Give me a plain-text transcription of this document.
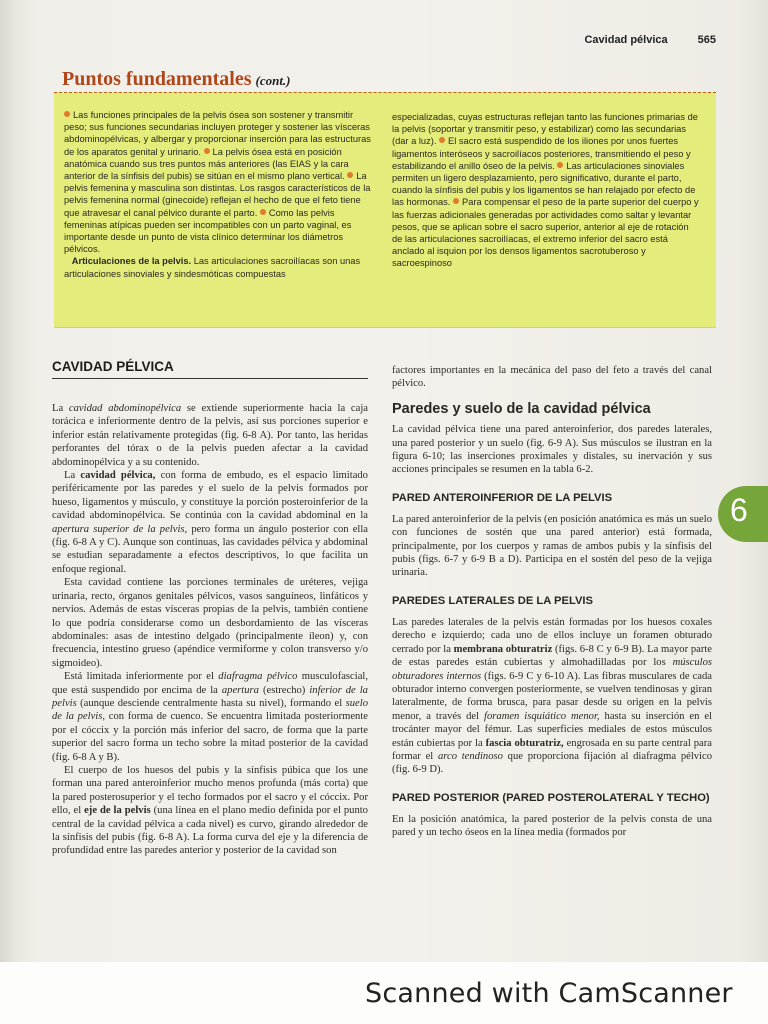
Cavidad pélvica	565
Puntos fundamentales (cont.)
Las funciones principales de la pelvis ósea son sostener y transmitir peso; sus funciones secundarias incluyen proteger y sostener las vísceras abdominopélvicas, y albergar y proporcionar inserción para las estructuras de los aparatos genital y urinario. La pelvis ósea está en posición anatómica cuando sus tres puntos más anteriores (las EIAS y la cara anterior de la sínfisis del pubis) se sitúan en el mismo plano vertical. La pelvis femenina y masculina son distintas. Los rasgos característicos de la pelvis femenina normal (ginecoide) reflejan el hecho de que el feto tiene que atravesar el canal pélvico durante el parto. Como las pelvis femeninas atípicas pueden ser incompatibles con un parto vaginal, es importante desde un punto de vista clínico determinar los diámetros pélvicos.
Articulaciones de la pelvis. Las articulaciones sacroilíacas son unas articulaciones sinoviales y sindesmóticas compuestas
especializadas, cuyas estructuras reflejan tanto las funciones primarias de la pelvis (soportar y transmitir peso, y estabilizar) como las secundarias (dar a luz). El sacro está suspendido de los iliones por unos fuertes ligamentos interóseos y sacroilíacos posteriores, transmitiendo el peso y estabilizando el anillo óseo de la pelvis. Las articulaciones sinoviales permiten un ligero desplazamiento, pero significativo, durante el parto, cuando la sínfisis del pubis y los ligamentos se han relajado por efecto de las hormonas. Para compensar el peso de la parte superior del cuerpo y las fuerzas adicionales generadas por actividades como saltar y levantar pesos, que se aplican sobre el sacro superior, anterior al eje de rotación de las articulaciones sacroilíacas, el extremo inferior del sacro está anclado al isquion por los densos ligamentos sacrotuberoso y sacroespinoso
CAVIDAD PÉLVICA

La cavidad abdominopélvica se extiende superiormente hacia la caja torácica e inferiormente dentro de la pelvis, así sus porciones superior e inferior están relativamente protegidas (fig. 6-8 A). Por tanto, las heridas perforantes del tórax o de la pelvis pueden afectar a la cavidad abdominopélvica y a su contenido.

La cavidad pélvica, con forma de embudo, es el espacio limitado periféricamente por las paredes y el suelo de la pelvis formados por hueso, ligamentos y músculo, y constituye la porción posteroinferior de la cavidad abdominopélvica. Se continúa con la cavidad abdominal en la apertura superior de la pelvis, pero forma un ángulo posterior con ella (fig. 6-8 A y C). Aunque son continuas, las cavidades pélvica y abdominal se estudian separadamente a efectos descriptivos, lo que facilita un enfoque regional.

Esta cavidad contiene las porciones terminales de uréteres, vejiga urinaria, recto, órganos genitales pélvicos, vasos sanguíneos, linfáticos y nervios. Además de estas vísceras propias de la pelvis, también contiene lo que podría considerarse como un desbordamiento de las vísceras abdominales: asas de intestino delgado (principalmente íleon) y, con frecuencia, intestino grueso (apéndice vermiforme y colon transverso y/o sigmoideo).

Está limitada inferiormente por el diafragma pélvico musculofascial, que está suspendido por encima de la apertura (estrecho) inferior de la pelvis (aunque desciende centralmente hasta su nivel), formando el suelo de la pelvis, con forma de cuenco. Se encuentra limitada posteriormente por el cóccix y la porción más inferior del sacro, de forma que la parte superior del sacro forma un techo sobre la mitad posterior de la cavidad (fig. 6-8 A y B).

El cuerpo de los huesos del pubis y la sínfisis púbica que los une forman una pared anteroinferior mucho menos profunda (más corta) que la pared posterosuperior y el techo formados por el sacro y el cóccix. Por ello, el eje de la pelvis (una línea en el plano medio definida por el punto central de la cavidad pélvica a cada nivel) es curvo, girando alrededor de la sínfisis del pubis (fig. 6-8 A). La forma curva del eje y la diferencia de profundidad entre las paredes anterior y posterior de la cavidad son

factores importantes en la mecánica del paso del feto a través del canal pélvico.

Paredes y suelo de la cavidad pélvica

La cavidad pélvica tiene una pared anteroinferior, dos paredes laterales, una pared posterior y un suelo (fig. 6-9 A). Sus músculos se ilustran en la figura 6-10; las inserciones proximales y distales, su inervación y sus acciones principales se resumen en la tabla 6-2.

PARED ANTEROINFERIOR DE LA PELVIS

La pared anteroinferior de la pelvis (en posición anatómica es más un suelo con funciones de sostén que una pared anterior) está formada, principalmente, por los cuerpos y ramas de ambos pubis y la sínfisis del pubis (figs. 6-7 y 6-9 B a D). Participa en el sostén del peso de la vejiga urinaria.

PAREDES LATERALES DE LA PELVIS

Las paredes laterales de la pelvis están formadas por los huesos coxales derecho e izquierdo; cada uno de ellos incluye un foramen obturado cerrado por la membrana obturatriz (figs. 6-8 C y 6-9 B). La mayor parte de estas paredes están cubiertas y almohadilladas por los músculos obturadores internos (figs. 6-9 C y 6-10 A). Las fibras musculares de cada obturador interno convergen posteriormente, se vuelven tendinosas y giran lateralmente, de forma brusca, para pasar desde su origen en la pelvis menor, a través del foramen isquiático menor, hasta su inserción en el trocánter mayor del fémur. Las superficies mediales de estos músculos están cubiertas por la fascia obturatriz, engrosada en su parte central para formar el arco tendinoso que proporciona fijación al diafragma pélvico (fig. 6-9 D).

PARED POSTERIOR (PARED POSTEROLATERAL Y TECHO)

En la posición anatómica, la pared posterior de la pelvis consta de una pared y un techo óseos en la línea media (formados por

6
Scanned with CamScanner
